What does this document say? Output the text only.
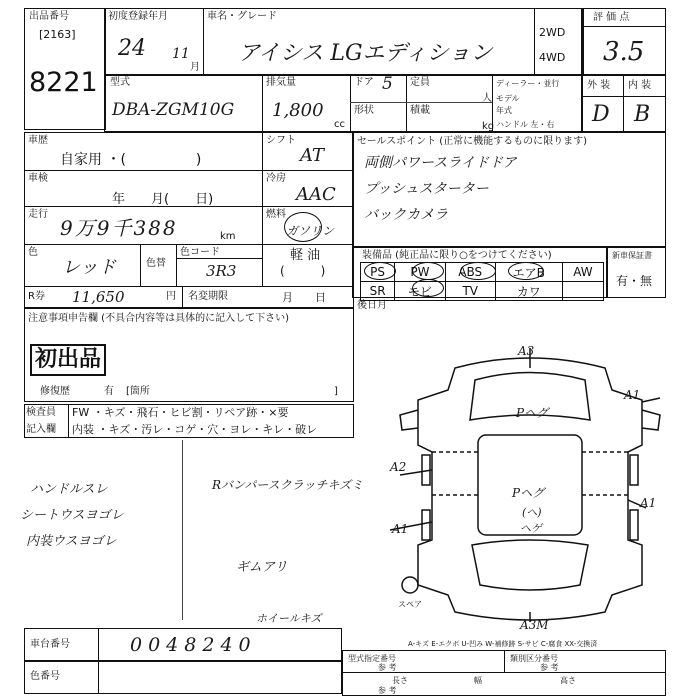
出品番号
[2163]
8221
初度登録年月
24 11
月
車名・グレード
アイシス LGエディション
2WD
4WD
評 価 点
3.5
型式
DBA-ZGM10G
排気量
1,800
cc
ドア 5 定員
人
形状	積載
kg
ディーラー・並行
モデル
年式
ハンドル 左・右
外 装 内 装
D B
車歴
自家用 ・(　　　　　)
シフト
AT
車検
年　　月(　　日)
冷房
AAC
走行
9万9千388	km
燃料
ガソリン
軽 油
(　　　)
色
レッド	色替
色コード
3R3
R券 11,650	円 名変期限	月　　日
セールスポイント (正常に機能するものに限ります)
両側パワースライドドア
プッシュスターター
バックカメラ
装備品 (純正品に限り○をつけてください)
PS	PW	ABS	エアB	AW
SR	モビ	TV	カワ	
新車保証書
有・無
後日月
注意事項申告欄 (不具合内容等は具体的に記入して下さい)
初出品
修復歴	有 [箇所	]
検査員
記入欄
FW ・キズ・飛石・ヒビ割・リペア跡・×要
内装 ・キズ・汚レ・コゲ・穴・ヨレ・キレ・破レ
ハンドルスレ
シートウスヨゴレ
内装ウスヨゴレ
Rバンパースクラッチキズミ
ギムアリ
ホイールキズ
A3
A1
Pヘグ
A2
Pヘグ
A1
(ヘ)
A1	ヘゲ
スペア
A3M
A-キズ E-エクボ U-凹み W-補修跡 S-サビ C-腐食 XX-交換済
車台番号	0048240
色番号
型式指定番号
参 考
類別区分番号
参 考
長さ	幅	高さ
参 考
